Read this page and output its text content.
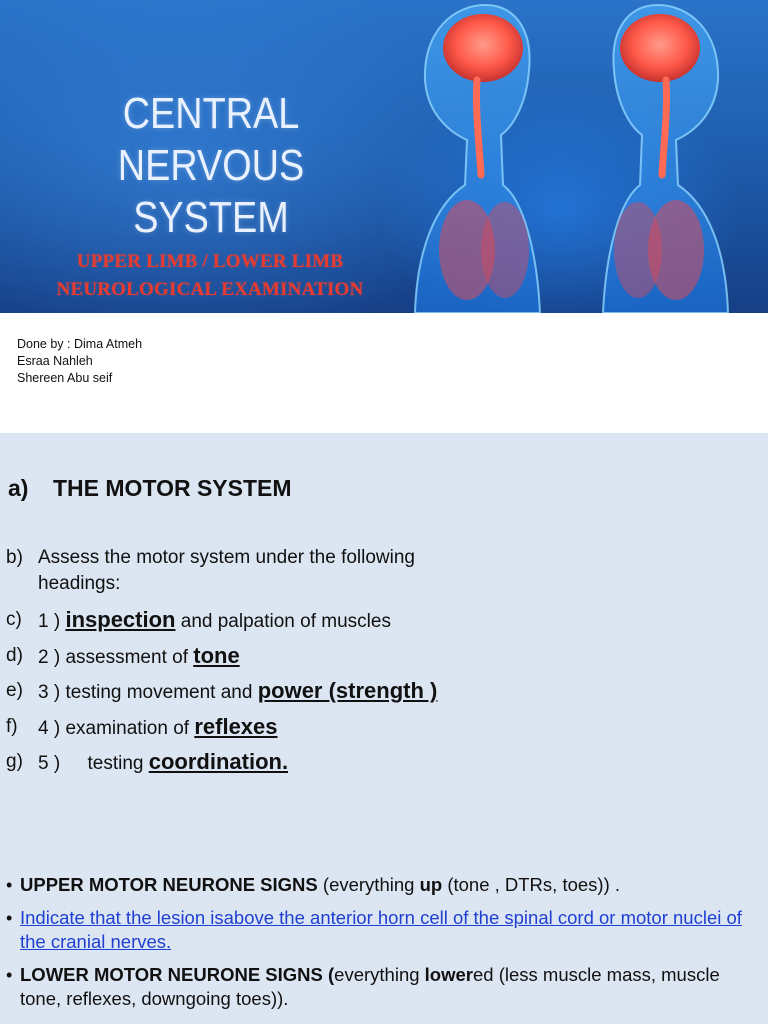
CENTRAL
NERVOUS
SYSTEM
UPPER LIMB / LOWER LIMB
NEUROLOGICAL EXAMINATION
Done by : Dima Atmeh
Esraa Nahleh
Shereen Abu seif
a) THE MOTOR SYSTEM
b) Assess the motor system under the following headings:
c) 1 ) inspection and palpation of muscles
d) 2 ) assessment of tone
e) 3 ) testing movement and power (strength )
f) 4 ) examination of reflexes
g) 5 ) testing coordination.
• UPPER MOTOR NEURONE SIGNS (everything up (tone , DTRs, toes)) .
• Indicate that the lesion isabove the anterior horn cell of the spinal cord or motor nuclei of the cranial nerves.
• LOWER MOTOR NEURONE SIGNS (everything lowered (less muscle mass, muscle tone, reflexes, downgoing toes)).
